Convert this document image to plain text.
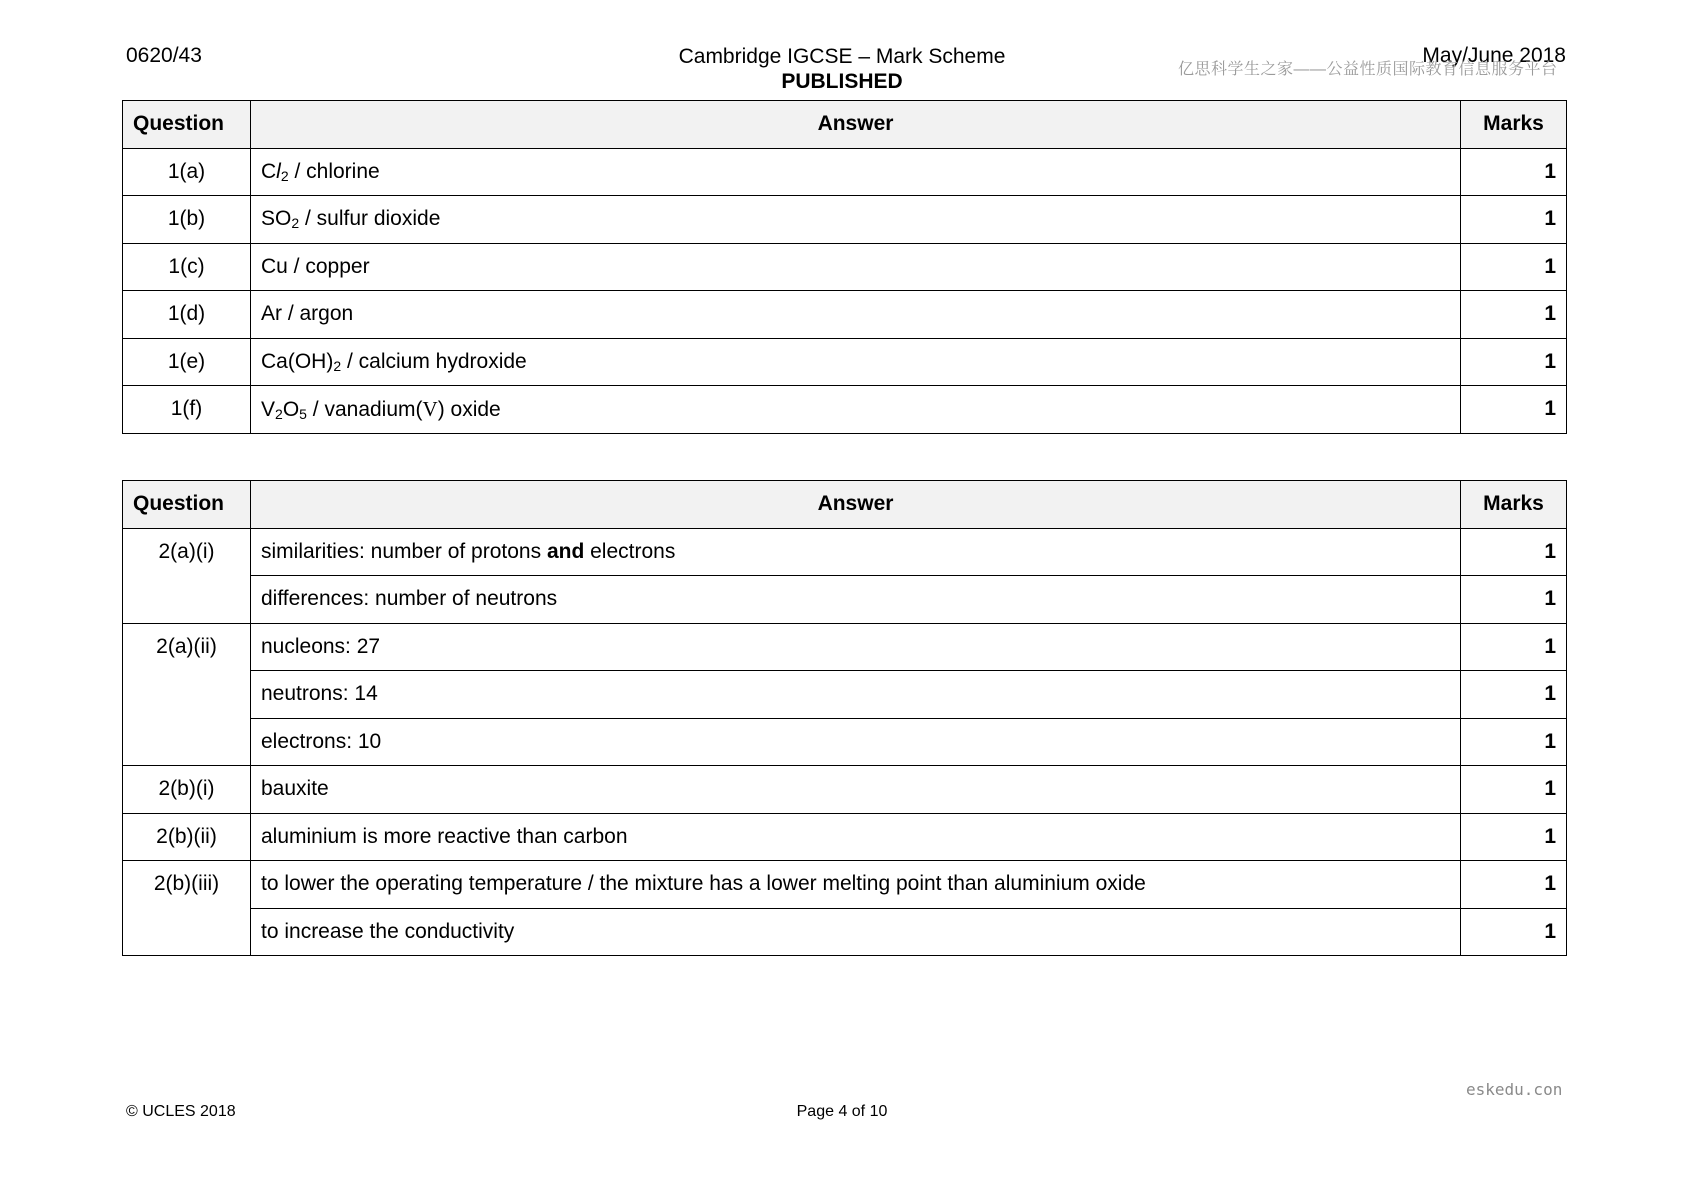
0620/43	Cambridge IGCSE – Mark Scheme
PUBLISHED
May/June 2018
亿思科学生之家——公益性质国际教育信息服务平台
Question	Answer	Marks
1(a)	$Cl_2$ / chlorine	1
1(b)	$SO_2$ / sulfur dioxide	1
1(c)	Cu / copper	1
1(d)	Ar / argon	1
1(e)	$Ca(OH)_2$ / calcium hydroxide	1
1(f)	$V_2O_5$ / vanadium(V) oxide	1
Question	Answer	Marks
2(a)(i)	similarities: number of protons and electrons	1
	differences: number of neutrons	1
2(a)(ii)	nucleons: 27	1
	neutrons: 14	1
	electrons: 10	1
2(b)(i)	bauxite	1
2(b)(ii)	aluminium is more reactive than carbon	1
2(b)(iii)	to lower the operating temperature / the mixture has a lower melting point than aluminium oxide	1
	to increase the conductivity	1
eskedu.con
© UCLES 2018	Page 4 of 10
